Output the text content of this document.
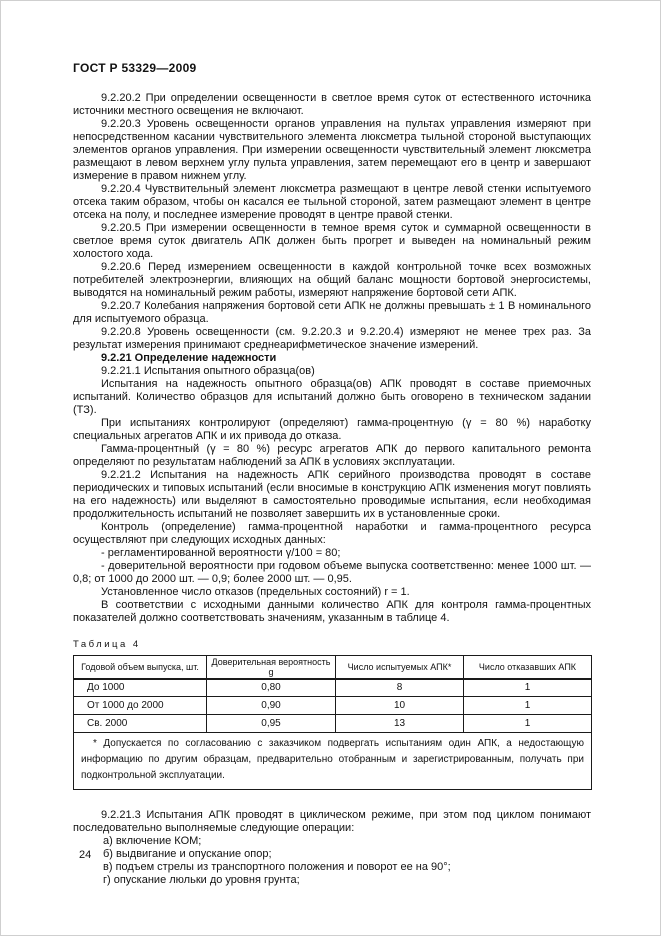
ГОСТ Р 53329—2009

9.2.20.2 При определении освещенности в светлое время суток от естественного источника источники местного освещения не включают.

9.2.20.3 Уровень освещенности органов управления на пультах управления измеряют при непосредственном касании чувствительного элемента люксметра тыльной стороной выступающих элементов органов управления. При измерении освещенности чувствительный элемент люксметра размещают в левом верхнем углу пульта управления, затем перемещают его в центр и завершают измерение в правом нижнем углу.

9.2.20.4 Чувствительный элемент люксметра размещают в центре левой стенки испытуемого отсека таким образом, чтобы он касался ее тыльной стороной, затем размещают элемент в центре отсека на полу, и последнее измерение проводят в центре правой стенки.

9.2.20.5 При измерении освещенности в темное время суток и суммарной освещенности в светлое время суток двигатель АПК должен быть прогрет и выведен на номинальный режим холостого хода.

9.2.20.6 Перед измерением освещенности в каждой контрольной точке всех возможных потребителей электроэнергии, влияющих на общий баланс мощности бортовой энергосистемы, выводятся на номинальный режим работы, измеряют напряжение бортовой сети АПК.

9.2.20.7 Колебания напряжения бортовой сети АПК не должны превышать ± 1 В номинального для испытуемого образца.

9.2.20.8 Уровень освещенности (см. 9.2.20.3 и 9.2.20.4) измеряют не менее трех раз. За результат измерения принимают среднеарифметическое значение измерений.

9.2.21 Определение надежности

9.2.21.1 Испытания опытного образца(ов)

Испытания на надежность опытного образца(ов) АПК проводят в составе приемочных испытаний. Количество образцов для испытаний должно быть оговорено в техническом задании (ТЗ).

При испытаниях контролируют (определяют) гамма-процентную (γ = 80 %) наработку специальных агрегатов АПК и их привода до отказа.

Гамма-процентный (γ = 80 %) ресурс агрегатов АПК до первого капитального ремонта определяют по результатам наблюдений за АПК в условиях эксплуатации.

9.2.21.2 Испытания на надежность АПК серийного производства проводят в составе периодических и типовых испытаний (если вносимые в конструкцию АПК изменения могут повлиять на его надежность) или выделяют в самостоятельно проводимые испытания, если необходимая продолжительность испытаний не позволяет завершить их в установленные сроки.

Контроль (определение) гамма-процентной наработки и гамма-процентного ресурса осуществляют при следующих исходных данных:

- регламентированной вероятности γ/100 = 80;

- доверительной вероятности при годовом объеме выпуска соответственно: менее 1000 шт. — 0,8; от 1000 до 2000 шт. — 0,9; более 2000 шт. — 0,95.

Установленное число отказов (предельных состояний) r = 1.

В соответствии с исходными данными количество АПК для контроля гамма-процентных показателей должно соответствовать значениям, указанным в таблице 4.

Таблица 4
Годовой объем выпуска, шт.	Доверительная вероятность g	Число испытуемых АПК*	Число отказавших АПК
До 1000	0,80	8	1
От 1000 до 2000	0,90	10	1
Св. 2000	0,95	13	1
* Допускается по согласованию с заказчиком подвергать испытаниям один АПК, а недостающую информацию по другим образцам, предварительно отобранным и зарегистрированным, получать при подконтрольной эксплуатации.			

9.2.21.3 Испытания АПК проводят в циклическом режиме, при этом под циклом понимают последовательно выполняемые следующие операции:

а) включение КОМ;

б) выдвигание и опускание опор;

в) подъем стрелы из транспортного положения и поворот ее на 90°;

г) опускание люльки до уровня грунта;

24
